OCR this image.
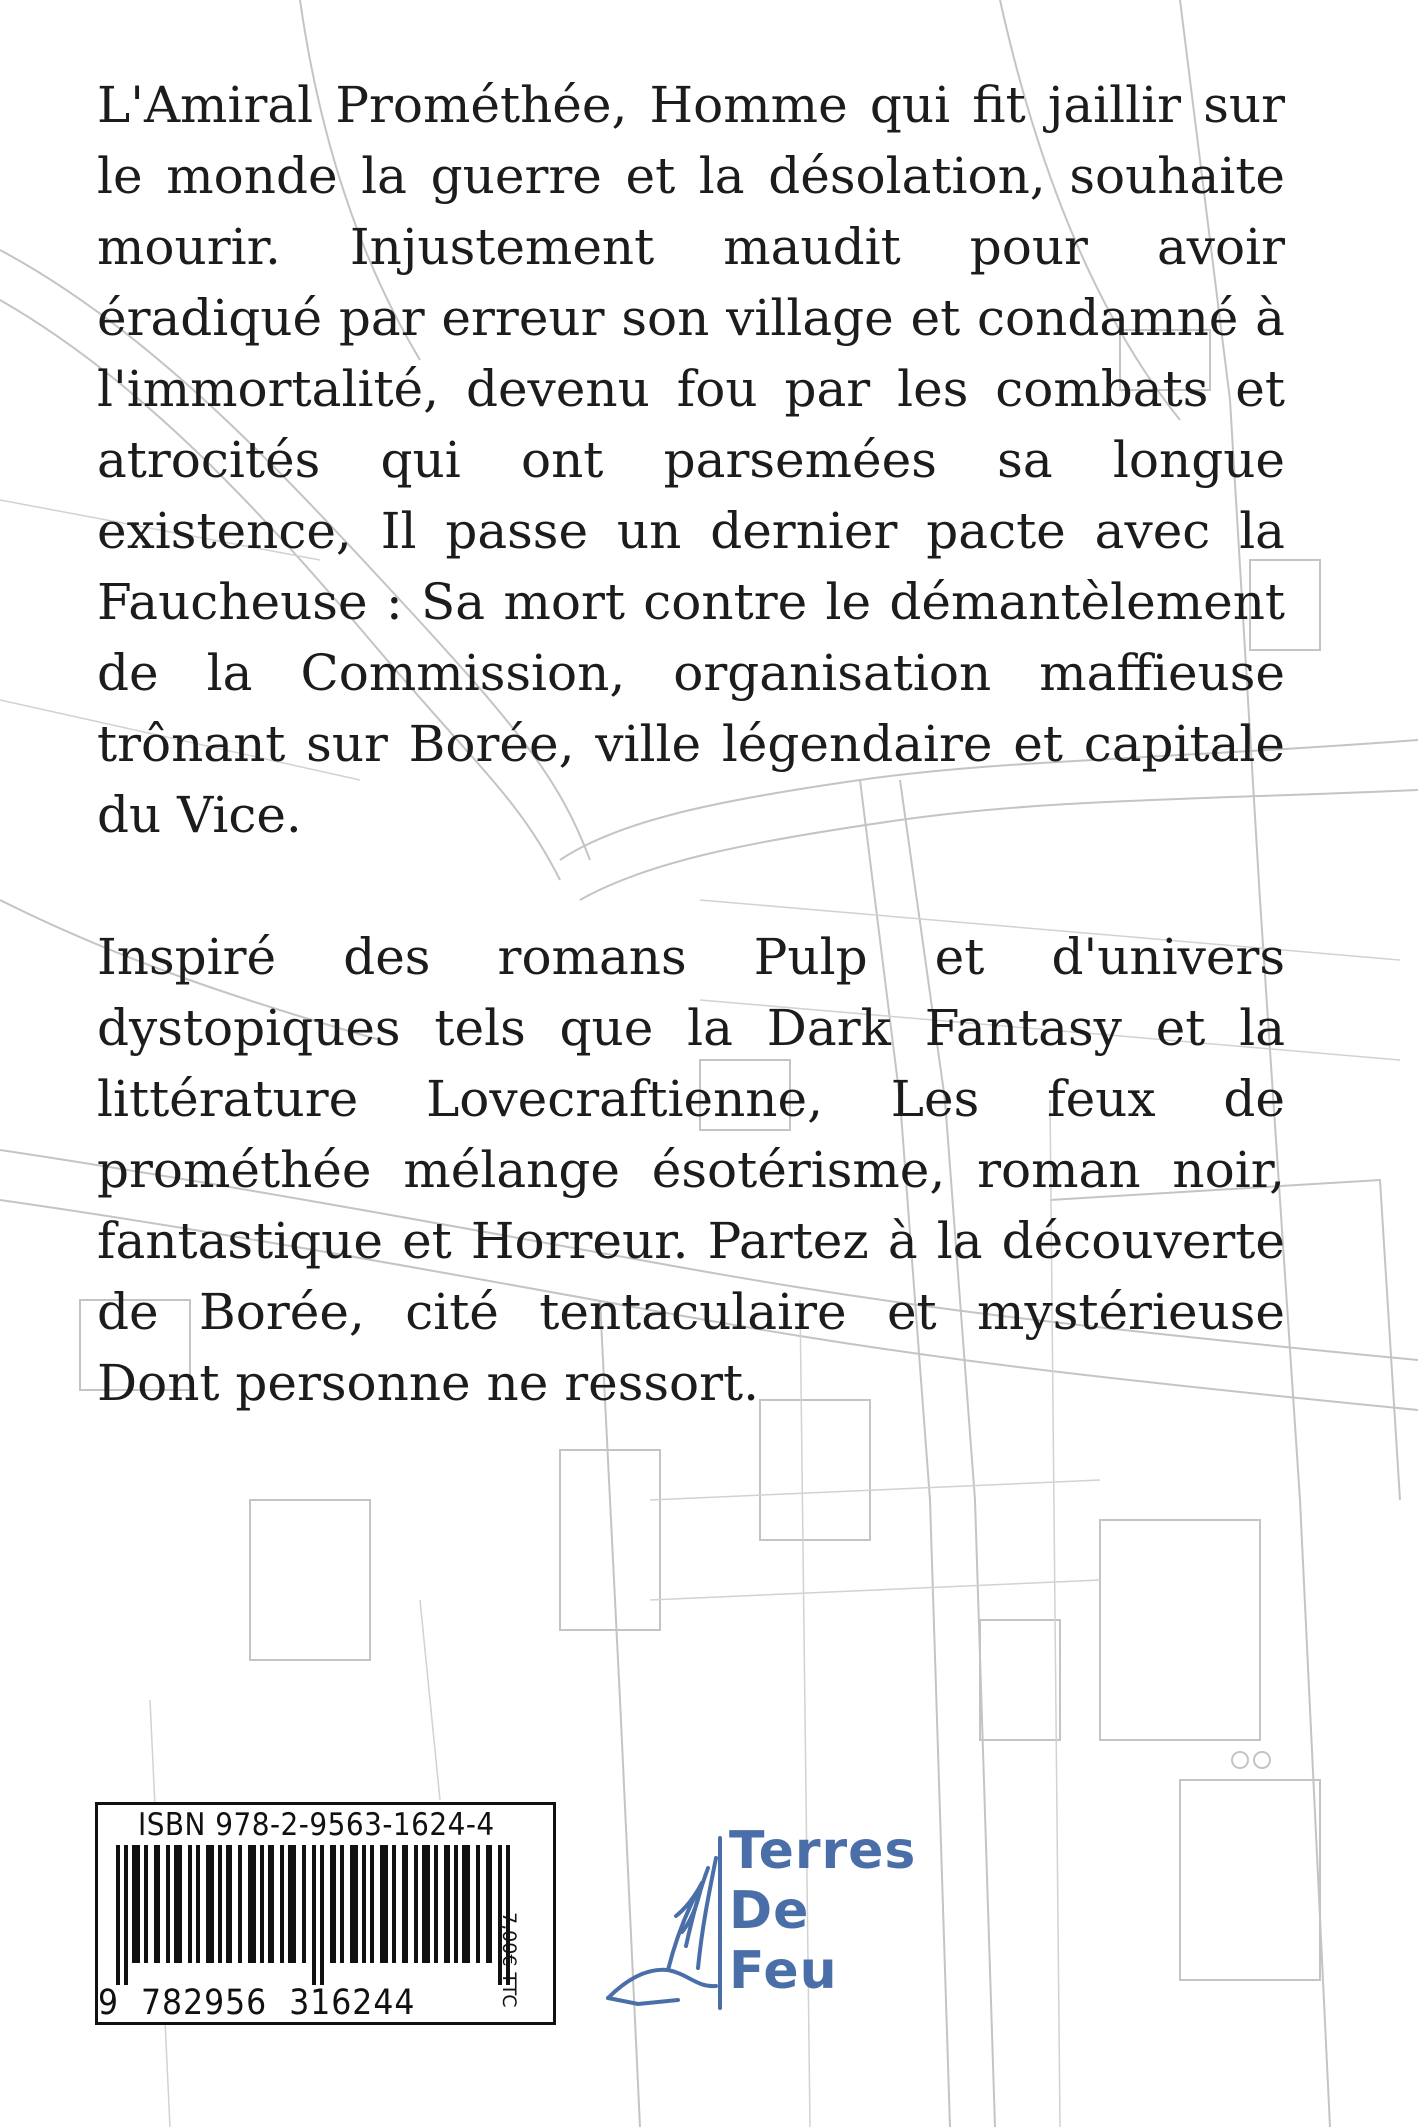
L'Amiral Prométhée, Homme qui fit jaillir sur le monde la guerre et la désolation, souhaite mourir. Injustement maudit pour avoir éradiqué par erreur son village et condamné à l'immortalité, devenu fou par les combats et atrocités qui ont parsemées sa longue existence, Il passe un dernier pacte avec la Faucheuse : Sa mort contre le démantèlement de la Commission, organisation maffieuse trônant sur Borée, ville légendaire et capitale du Vice.

Inspiré des romans Pulp et d'univers dystopiques tels que la Dark Fantasy et la littérature Lovecraftienne, Les feux de prométhée mélange ésotérisme, roman noir, fantastique et Horreur. Partez à la découverte de Borée, cité tentaculaire et mystérieuse Dont personne ne ressort.

ISBN 978-2-9563-1624-4
9  782956  316244	7,00€ TTC
Terres
De
Feu
